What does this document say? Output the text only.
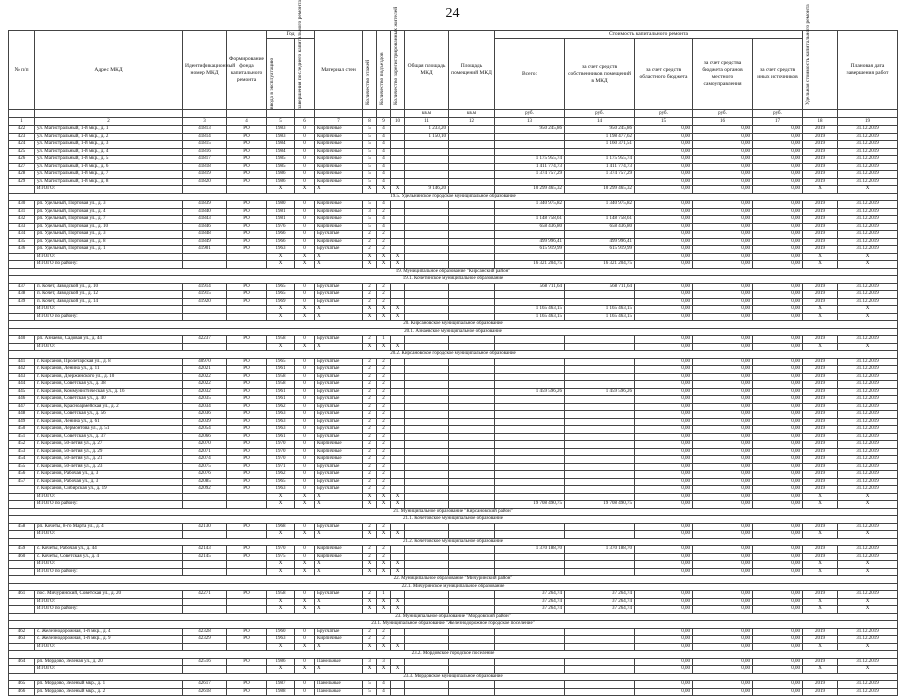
24
№ п/п	Адрес МКД	Идентификационный номер МКД	Формирование фонда капитального ремонта	Год		Материал стен	Количество этажей	Количество подъездов	Количество зарегистрированных жителей	Общая площадь МКД	Площадь помещений МКД	Стоимость капитального ремонта					Удельная стоимость капитального ремонта	Плановая дата завершения работ

				ввода в эксплуатацию	завершения последнего капитального ремонта							Всего:	за счет средств собственников помещений в МКД	за счет средств областного бюджета	за счет средства бюджета органов местного самоуправления	за счет средств иных источников		
										кв.м	кв.м	руб.	руб.	руб.	руб.	руб.		
1	2	3	4	5	6	7	8	9	10	11	12	13	14	15	16	17	18	19
422	ул. Магистральный, 1-й мкр., д. 1	41813	РО	1983	0	Кирпичные	5	4		1 233,20		950 245,86	950 245,86	0,00	0,00	0,00	2019	31.12.2019
423	ул. Магистральный, 1-й мкр., д. 2	41814	РО	1983	0	Кирпичные	5	4		1 150,10			1 198 477,62	0,00	0,00	0,00	2019	31.12.2019
424	ул. Магистральный, 1-й мкр., д. 3	41815	РО	1984	0	Кирпичные	5	4					1 160 371,51	0,00	0,00	0,00	2019	31.12.2019
425	ул. Магистральный, 1-й мкр., д. 4	41816	РО	1984	0	Кирпичные	5	4						0,00	0,00	0,00	2019	31.12.2019
426	ул. Магистральный, 1-й мкр., д. 5	41817	РО	1985	0	Кирпичные	5	4				1 175 955,74	1 175 955,74	0,00	0,00	0,00	2019	31.12.2019
427	ул. Магистральный, 1-й мкр., д. 6	41818	РО	1985	0	Кирпичные	5	4				1 411 774,73	1 411 774,73	0,00	0,00	0,00	2019	31.12.2019
428	ул. Магистральный, 1-й мкр., д. 7	41819	РО	1986	0	Кирпичные	5	4				1 374 757,29	1 374 757,29	0,00	0,00	0,00	2019	31.12.2019
429	ул. Магистральный, 1-й мкр., д. 8	41820	РО	1986	0	Кирпичные	5	4						0,00	0,00	0,00	2019	31.12.2019
	ИТОГО:			X	X	X	X	X	X	9 146,20		10 299 465,32	10 299 465,32	0,00	0,00	0,00	X	X
19.5. Удельнинское городское муниципальное образование																		
430	рп. Удельный, Портовая ул., д. 3	41839	РО	1980	0	Кирпичные	5	4				1 340 975,82	1 340 975,82	0,00	0,00	0,00	2019	31.12.2019
431	рп. Удельный, Портовая ул., д. 4	41840	РО	1981	0	Кирпичные	3	2						0,00	0,00	0,00	2019	31.12.2019
432	рп. Удельный, Портовая ул., д. 7	41843	РО	1981	0	Кирпичные	5	4				1 148 758,61	1 148 758,61	0,00	0,00	0,00	2019	31.12.2019
433	рп. Удельный, Портовая ул., д. 10	41846	РО	1976	0	Кирпичные	5	4				658 436,80	658 436,80	0,00	0,00	0,00	2019	31.12.2019
434	рп. Удельный, Портовая ул., д. 3	41848	РО	1966	0	Брусчатые	2	2						0,00	0,00	0,00	2019	31.12.2019
435	рп. Удельный, Портовая ул., д. 8	41849	РО	1966	0	Кирпичные	2	2				499 996,41	499 996,41	0,00	0,00	0,00	2019	31.12.2019
436	рп. Удельный, Портовая ул., д. 1	41901	РО	1963	0	Брусчатые	2	2				615 919,99	615 919,99	0,00	0,00	0,00	2019	31.12.2019
	ИТОГО:			X	X	X	X	X	X					0,00	0,00	0,00	X	X
	ИТОГО по району:			X	X	X	X	X	X			16 321 204,75	16 321 204,75	0,00	0,00	0,00	X	X
19. Муниципальное образование "Кирсанский район"																		
19.1. Кочетинское муниципальное образование																		
437	п. Кочет, Заводской ул., д. 10	41914	РО	1965	0	Брусчатые	2	2				568 711,64	568 711,64	0,00	0,00	0,00	2019	31.12.2019
438	п. Кочет, Заводской ул., д. 12	41915	РО	1965	0	Брусчатые	2	2						0,00	0,00	0,00	2019	31.12.2019
439	п. Кочет, Заводской ул., д. 14	41920	РО	1969	0	Брусчатые	2	2						0,00	0,00	0,00	2019	31.12.2019
	ИТОГО:			X	X	X	X	X	X			1 165 463,15	1 165 463,15	0,00	0,00	0,00	X	X
	ИТОГО по району:			X	X	X	X	X	X			1 165 463,15	1 165 463,15	0,00	0,00	0,00	X	X
20. Кирсановское муниципальное образование																		
20.1. Азнаевское муниципальное образование																		
440	рп. Азнаево, Садовая ул., д. 44	42237	РО	1958	0	Брусчатые	2	1						0,00	0,00	0,00	2019	31.12.2019
	ИТОГО:			X	X	X	X	X	X					0,00	0,00	0,00	X	X
20.2. Кирсановское городское муниципальное образование																		
441	г. Кирсанов, Пролетарская ул., д. 8	40970	РО	1965	0	Брусчатые	2	2						0,00	0,00	0,00	2019	31.12.2019
442	г. Кирсанов, Ленина ул., д. 11	42021	РО	1961	0	Брусчатые	2	2						0,00	0,00	0,00	2019	31.12.2019
443	г. Кирсанов, Дзержинского ул., д. 10	42022	РО	1958	0	Брусчатые	2	2						0,00	0,00	0,00	2019	31.12.2019
444	г. Кирсанов, Советская ул., д. 38	42022	РО	1958	0	Брусчатые	2	2						0,00	0,00	0,00	2019	31.12.2019
445	г. Кирсанов, Коммунистическая ул., д. 16	42032	РО	1961	0	Брусчатые	2	2				1 459 596,26	1 459 596,26	0,00	0,00	0,00	2019	31.12.2019
446	г. Кирсанов, Советская ул., д. 40	42035	РО	1961	0	Брусчатые	2	2						0,00	0,00	0,00	2019	31.12.2019
447	г. Кирсанов, Красноармейская ул., д. 2	42034	РО	1962	0	Брусчатые	2	2						0,00	0,00	0,00	2019	31.12.2019
448	г. Кирсанов, Советская ул., д. 56	42036	РО	1963	0	Брусчатые	2	2						0,00	0,00	0,00	2019	31.12.2019
449	г. Кирсанов, Ленина ул., д. 61	42039	РО	1963	0	Брусчатые	2	2						0,00	0,00	0,00	2019	31.12.2019
450	г. Кирсанов, Лермонтова ул., д. 51	42054	РО	1963	0	Брусчатые	2	2						0,00	0,00	0,00	2019	31.12.2019
451	г. Кирсанов, Советская ул., д. 37	42066	РО	1961	0	Брусчатые	2	2						0,00	0,00	0,00	2019	31.12.2019
452	г. Кирсанов, 50-летия ул., д. 27	42070	РО	1970	0	Кирпичные	2	2						0,00	0,00	0,00	2019	31.12.2019
453	г. Кирсанов, 50-летия ул., д. 29	42071	РО	1970	0	Кирпичные	2	2						0,00	0,00	0,00	2019	31.12.2019
454	г. Кирсанов, 50-летия ул., д. 21	42074	РО	1970	0	Кирпичные	2	2						0,00	0,00	0,00	2019	31.12.2019
455	г. Кирсанов, 50-летия ул., д. 23	42075	РО	1971	0	Брусчатые	2	2						0,00	0,00	0,00	2019	31.12.2019
456	г. Кирсанов, Рабочая ул., д. 3	42076	РО	1962	0	Брусчатые	2	2						0,00	0,00	0,00	2019	31.12.2019
457	г. Кирсанов, Рабочая ул., д. 3	42085	РО	1965	0	Брусчатые	2	2						0,00	0,00	0,00	2019	31.12.2019
	г. Кирсанов, Сибирская ул., д. 19	42092	РО	1963	0	Брусчатые	2	2						0,00	0,00	0,00	2019	31.12.2019
	ИТОГО:			X	X	X	X	X	X					0,00	0,00	0,00	X	X
	ИТОГО по району:			X	X	X	X	X	X			19 708 490,75	19 708 490,75	0,00	0,00	0,00	X	X
21. Муниципальное образование "Кирсановский район"																		
21.1. Кочетовское муниципальное образование																		
458	рп. Кочеты, 8-го Марта ул., д. 4	42130	РО	1968	0	Брусчатые	2	2						0,00	0,00	0,00	2019	31.12.2019
	ИТОГО:			X	X	X	X	X	X					0,00	0,00	0,00	X	X
21.2. Кочетовское муниципальное образование																		
459	с. Кочеты, Рабочая ул., д. 44	42143	РО	1970	0	Кирпичные	2	2				1 370 188,70	1 370 188,70	0,00	0,00	0,00	2019	31.12.2019
460	с. Кочеты, Советская ул., д. 4	42145	РО	1975	0	Кирпичные	2	2						0,00	0,00	0,00	2019	31.12.2019
	ИТОГО:			X	X	X	X	X	X					0,00	0,00	0,00	X	X
	ИТОГО по району:			X	X	X	X	X	X					0,00	0,00	0,00	X	X
22. Муниципальное образование "Мичуринский район"																		
22.1. Мичуринское муниципальное образование																		
461	пос. Мичуринский, Советская ул., д. 20	42271	РО	1958	0	Брусчатые	2	1				37 264,74	37 264,74	0,00	0,00	0,00	2019	31.12.2019
	ИТОГО:			X	X	X	X	X	X			37 264,74	37 264,74	0,00	0,00	0,00	X	X
	ИТОГО по району:			X	X	X	X	X	X			37 264,74	37 264,74	0,00	0,00	0,00	X	X
23. Муниципальное образование "Мордовский район"																		
23.1. Муниципальное образование "Железнодорожное городское поселение"																		
462	с. Железнодорожная, 1-й мкр., д. 4	42328	РО	1960	0	Брусчатые	2	2						0,00	0,00	0,00	2019	31.12.2019
463	с. Железнодорожная, 1-й мкр., д. 9	42329	РО	1963	0	Кирпичные	2	2						0,00	0,00	0,00	2019	31.12.2019
	ИТОГО:			X	X	X	X	X	X					0,00	0,00	0,00	X	X
23.2. Мордовское городское поселение																		
464	рп. Мордово, Зеленая ул., д. 20	42516	РО	1986	0	Панельные	3	3						0,00	0,00	0,00	2019	31.12.2019
	ИТОГО:			X	X	X	X	X	X					0,00	0,00	0,00	X	X
23.3. Мордовское муниципальное образование																		
465	рп. Мордово, Зеленый мкр., д. 1	42617	РО	1987	0	Панельные	5	4						0,00	0,00	0,00	2019	31.12.2019
466	рп. Мордово, Зеленый мкр., д. 2	42618	РО	1988	0	Панельные	5	4						0,00	0,00	0,00	2019	31.12.2019
